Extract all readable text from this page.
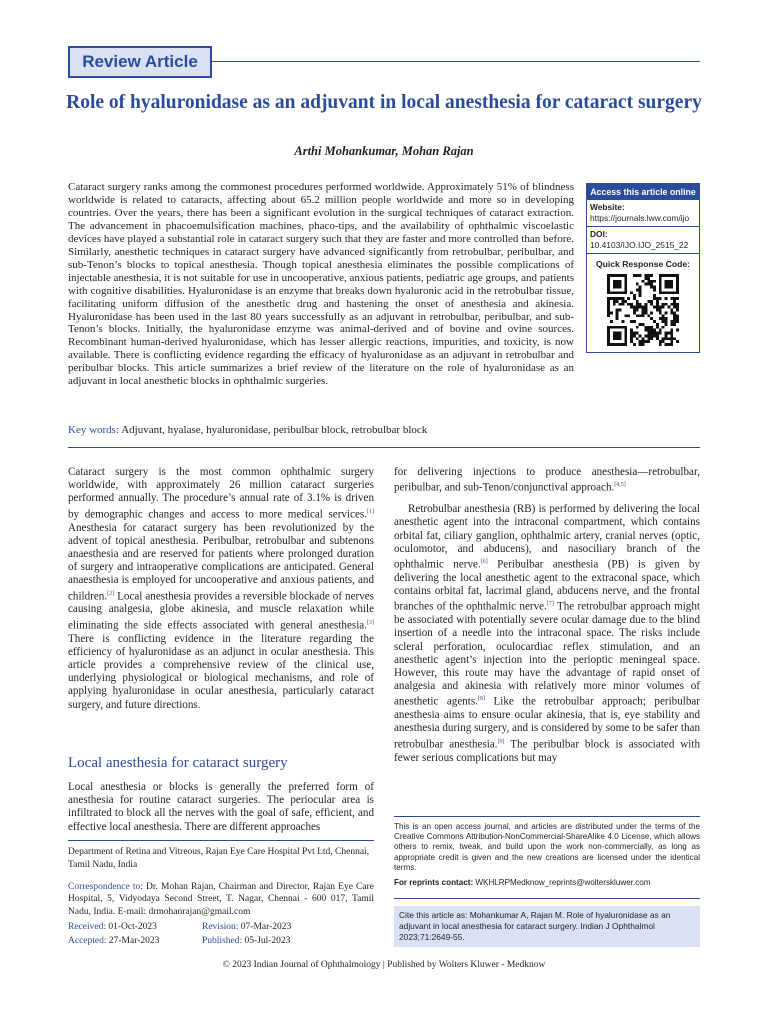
Review Article
Role of hyaluronidase as an adjuvant in local anesthesia for cataract surgery
Arthi Mohankumar, Mohan Rajan
Cataract surgery ranks among the commonest procedures performed worldwide. Approximately 51% of blindness worldwide is related to cataracts, affecting about 65.2 million people worldwide and more so in developing countries. Over the years, there has been a significant evolution in the surgical techniques of cataract extraction. The advancement in phacoemulsification machines, phaco-tips, and the availability of ophthalmic viscoelastic devices have played a substantial role in cataract surgery such that they are faster and more controlled than before. Similarly, anesthetic techniques in cataract surgery have advanced significantly from retrobulbar, peribulbar, and sub-Tenon’s blocks to topical anesthesia. Though topical anesthesia eliminates the possible complications of injectable anesthesia, it is not suitable for use in uncooperative, anxious patients, pediatric age groups, and patients with cognitive disabilities. Hyaluronidase is an enzyme that breaks down hyaluronic acid in the retrobulbar tissue, facilitating uniform diffusion of the anesthetic drug and hastening the onset of anesthesia and akinesia. Hyaluronidase has been used in the last 80 years successfully as an adjuvant in retrobulbar, peribulbar, and sub-Tenon’s blocks. Initially, the hyaluronidase enzyme was animal-derived and of bovine and ovine sources. Recombinant human-derived hyaluronidase, which has lesser allergic reactions, impurities, and toxicity, is now available. There is conflicting evidence regarding the efficacy of hyaluronidase as an adjuvant in retrobulbar and peribulbar blocks. This article summarizes a brief review of the literature on the role of hyaluronidase as an adjuvant in local anesthetic blocks in ophthalmic surgeries.
Access this article online
Website:
https://journals.lww.com/ijo
DOI:
10.4103/IJO.IJO_2515_22
Quick Response Code:
Key words: Adjuvant, hyalase, hyaluronidase, peribulbar block, retrobulbar block

Cataract surgery is the most common ophthalmic surgery worldwide, with approximately 26 million cataract surgeries performed annually. The procedure’s annual rate of 3.1% is driven by demographic changes and access to more medical services.[1] Anesthesia for cataract surgery has been revolutionized by the advent of topical anesthesia. Peribulbar, retrobulbar and subtenons anaesthesia and are reserved for patients where prolonged duration of surgery and intraoperative complications are anticipated. General anaesthesia is employed for uncooperative and anxious patients, and children.[2] Local anesthesia provides a reversible blockade of nerves causing analgesia, globe akinesia, and muscle relaxation while eliminating the side effects associated with general anesthesia.[3] There is conflicting evidence in the literature regarding the efficiency of hyaluronidase as an adjunct in ocular anesthesia. This article provides a comprehensive review of the clinical use, underlying physiological or biological mechanisms, and role of applying hyaluronidase in ocular anesthesia, particularly cataract surgery, and future directions.

Local anesthesia for cataract surgery

Local anesthesia or blocks is generally the preferred form of anesthesia for routine cataract surgeries. The periocular area is infiltrated to block all the nerves with the goal of safe, efficient, and effective local anesthesia. There are different approaches

Department of Retina and Vitreous, Rajan Eye Care Hospital Pvt Ltd, Chennai, Tamil Nadu, India
Correspondence to: Dr. Mohan Rajan, Chairman and Director, Rajan Eye Care Hospital, 5, Vidyodaya Second Street, T. Nagar, Chennai - 600 017, Tamil Nadu, India. E-mail: drmohanrajan@gmail.com
Received: 01-Oct-2023	Revision: 07-Mar-2023
Accepted: 27-Mar-2023	Published: 05-Jul-2023

for delivering injections to produce anesthesia—retrobulbar, peribulbar, and sub-Tenon/conjunctival approach.[4,5]

Retrobulbar anesthesia (RB) is performed by delivering the local anesthetic agent into the intraconal compartment, which contains orbital fat, ciliary ganglion, ophthalmic artery, cranial nerves (optic, oculomotor, and abducens), and nasociliary branch of the ophthalmic nerve.[6] Peribulbar anesthesia (PB) is given by delivering the local anesthetic agent to the extraconal space, which contains orbital fat, lacrimal gland, abducens nerve, and the frontal branches of the ophthalmic nerve.[7] The retrobulbar approach might be associated with potentially severe ocular damage due to the blind insertion of a needle into the intraconal space. The risks include scleral perforation, oculocardiac reflex stimulation, and an anesthetic agent’s injection into the perioptic meningeal space. However, this route may have the advantage of rapid onset of analgesia and akinesia with relatively more minor volumes of anesthetic agents.[8] Like the retrobulbar approach; peribulbar anesthesia aims to ensure ocular akinesia, that is, eye stability and anesthesia during surgery, and is considered by some to be safer than retrobulbar anesthesia.[9] The peribulbar block is associated with fewer serious complications but may

This is an open access journal, and articles are distributed under the terms of the Creative Commons Attribution-NonCommercial-ShareAlike 4.0 License, which allows others to remix, tweak, and build upon the work non-commercially, as long as appropriate credit is given and the new creations are licensed under the identical terms.
For reprints contact: WKHLRPMedknow_reprints@wolterskluwer.com
Cite this article as: Mohankumar A, Rajan M. Role of hyaluronidase as an adjuvant in local anesthesia for cataract surgery. Indian J Ophthalmol 2023;71:2649-55.
© 2023 Indian Journal of Ophthalmology | Published by Wolters Kluwer - Medknow
